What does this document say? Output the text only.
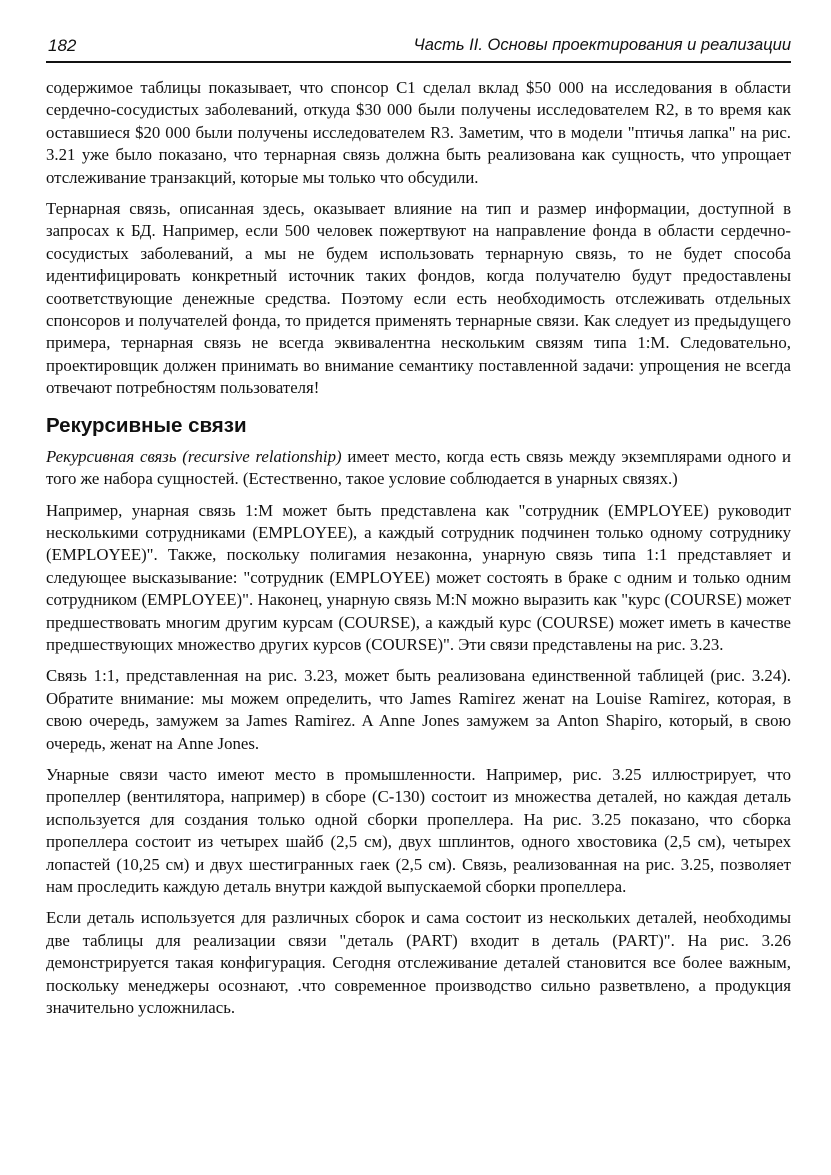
182	Часть II. Основы проектирования и реализации

содержимое таблицы показывает, что спонсор C1 сделал вклад $50 000 на исследования в области сердечно-сосудистых заболеваний, откуда $30 000 были получены исследователем R2, в то время как оставшиеся $20 000 были получены исследователем R3. Заметим, что в модели "птичья лапка" на рис. 3.21 уже было показано, что тернарная связь должна быть реализована как сущность, что упрощает отслеживание транзакций, которые мы только что обсудили.

Тернарная связь, описанная здесь, оказывает влияние на тип и размер информации, доступной в запросах к БД. Например, если 500 человек пожертвуют на направление фонда в области сердечно-сосудистых заболеваний, а мы не будем использовать тернарную связь, то не будет способа идентифицировать конкретный источник таких фондов, когда получателю будут предоставлены соответствующие денежные средства. Поэтому если есть необходимость отслеживать отдельных спонсоров и получателей фонда, то придется применять тернарные связи. Как следует из предыдущего примера, тернарная связь не всегда эквивалентна нескольким связям типа 1:M. Следовательно, проектировщик должен принимать во внимание семантику поставленной задачи: упрощения не всегда отвечают потребностям пользователя!

Рекурсивные связи

Рекурсивная связь (recursive relationship) имеет место, когда есть связь между экземплярами одного и того же набора сущностей. (Естественно, такое условие соблюдается в унарных связях.)

Например, унарная связь 1:M может быть представлена как "сотрудник (EMPLOYEE) руководит несколькими сотрудниками (EMPLOYEE), а каждый сотрудник подчинен только одному сотруднику (EMPLOYEE)". Также, поскольку полигамия незаконна, унарную связь типа 1:1 представляет и следующее высказывание: "сотрудник (EMPLOYEE) может состоять в браке с одним и только одним сотрудником (EMPLOYEE)". Наконец, унарную связь M:N можно выразить как "курс (COURSE) может предшествовать многим другим курсам (COURSE), а каждый курс (COURSE) может иметь в качестве предшествующих множество других курсов (COURSE)". Эти связи представлены на рис. 3.23.

Связь 1:1, представленная на рис. 3.23, может быть реализована единственной таблицей (рис. 3.24). Обратите внимание: мы можем определить, что James Ramirez женат на Louise Ramirez, которая, в свою очередь, замужем за James Ramirez. A Anne Jones замужем за Anton Shapiro, который, в свою очередь, женат на Anne Jones.

Унарные связи часто имеют место в промышленности. Например, рис. 3.25 иллюстрирует, что пропеллер (вентилятора, например) в сборе (C-130) состоит из множества деталей, но каждая деталь используется для создания только одной сборки пропеллера. На рис. 3.25 показано, что сборка пропеллера состоит из четырех шайб (2,5 см), двух шплинтов, одного хвостовика (2,5 см), четырех лопастей (10,25 см) и двух шестигранных гаек (2,5 см). Связь, реализованная на рис. 3.25, позволяет нам проследить каждую деталь внутри каждой выпускаемой сборки пропеллера.

Если деталь используется для различных сборок и сама состоит из нескольких деталей, необходимы две таблицы для реализации связи "деталь (PART) входит в деталь (PART)". На рис. 3.26 демонстрируется такая конфигурация. Сегодня отслеживание деталей становится все более важным, поскольку менеджеры осознают, .что современное производство сильно разветвлено, а продукция значительно усложнилась.
